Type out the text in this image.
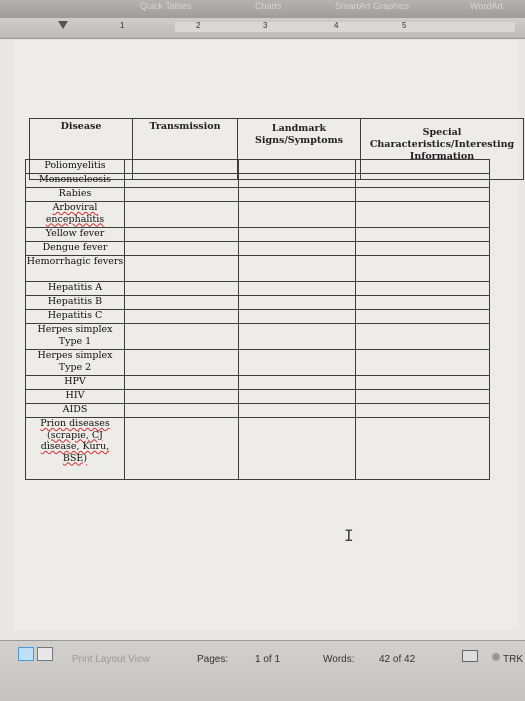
Quick Tables	Charts	SmartArt Graphics	WordArt
1	2	3	4	5
Disease	Transmission	Landmark Signs/Symptoms	Special Characteristics/Interesting Information
Poliomyelitis			
Mononucleosis			
Rabies			
Arboviral encephalitis			
Yellow fever			
Dengue fever			
Hemorrhagic fevers			
Hepatitis A			
Hepatitis B			
Hepatitis C			
Herpes simplex Type 1			
Herpes simplex Type 2			
HPV			
HIV			
AIDS			
Prion diseases (scrapie, CJ disease, Kuru, BSE)			
I
Print Layout View	Pages:	1 of 1	Words: 42 of 42	TRK
